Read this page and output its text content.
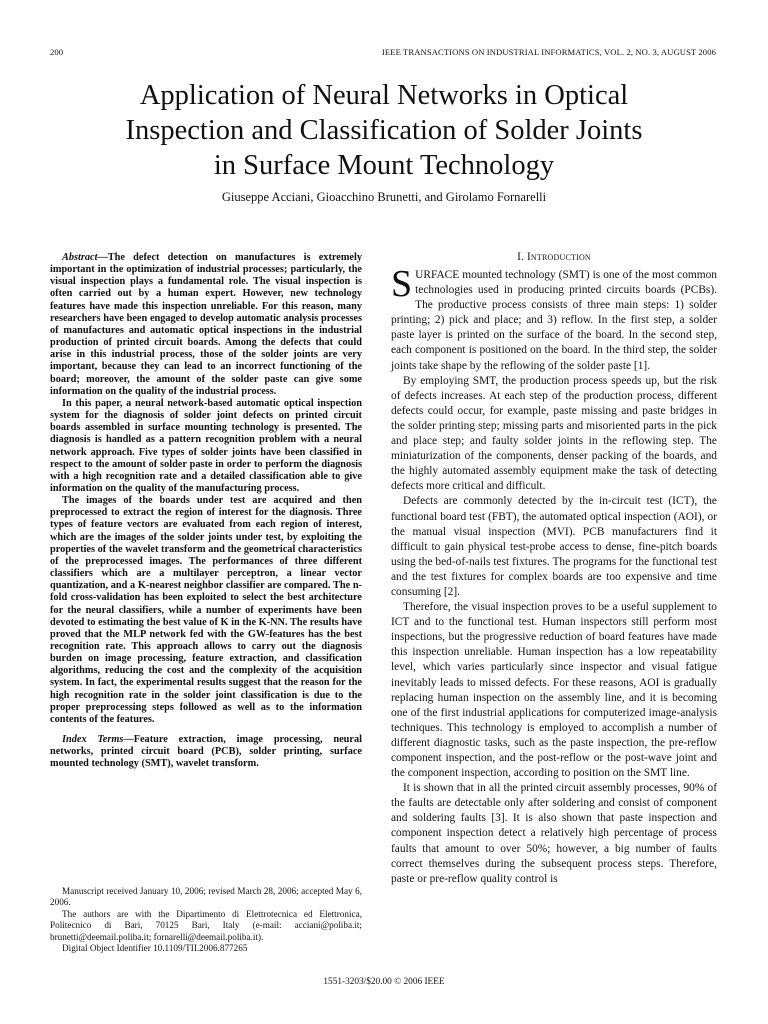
200	IEEE TRANSACTIONS ON INDUSTRIAL INFORMATICS, VOL. 2, NO. 3, AUGUST 2006
Application of Neural Networks in Optical
Inspection and Classification of Solder Joints
in Surface Mount Technology
Giuseppe Acciani, Gioacchino Brunetti, and Girolamo Fornarelli

Abstract—The defect detection on manufactures is extremely important in the optimization of industrial processes; particularly, the visual inspection plays a fundamental role. The visual inspection is often carried out by a human expert. However, new technology features have made this inspection unreliable. For this reason, many researchers have been engaged to develop automatic analysis processes of manufactures and automatic optical inspections in the industrial production of printed circuit boards. Among the defects that could arise in this industrial process, those of the solder joints are very important, because they can lead to an incorrect functioning of the board; moreover, the amount of the solder paste can give some information on the quality of the industrial process.

In this paper, a neural network-based automatic optical inspection system for the diagnosis of solder joint defects on printed circuit boards assembled in surface mounting technology is presented. The diagnosis is handled as a pattern recognition problem with a neural network approach. Five types of solder joints have been classified in respect to the amount of solder paste in order to perform the diagnosis with a high recognition rate and a detailed classification able to give information on the quality of the manufacturing process.

The images of the boards under test are acquired and then preprocessed to extract the region of interest for the diagnosis. Three types of feature vectors are evaluated from each region of interest, which are the images of the solder joints under test, by exploiting the properties of the wavelet transform and the geometrical characteristics of the preprocessed images. The performances of three different classifiers which are a multilayer perceptron, a linear vector quantization, and a K-nearest neighbor classifier are compared. The n-fold cross-validation has been exploited to select the best architecture for the neural classifiers, while a number of experiments have been devoted to estimating the best value of K in the K-NN. The results have proved that the MLP network fed with the GW-features has the best recognition rate. This approach allows to carry out the diagnosis burden on image processing, feature extraction, and classification algorithms, reducing the cost and the complexity of the acquisition system. In fact, the experimental results suggest that the reason for the high recognition rate in the solder joint classification is due to the proper preprocessing steps followed as well as to the information contents of the features.

Index Terms—Feature extraction, image processing, neural networks, printed circuit board (PCB), solder printing, surface mounted technology (SMT), wavelet transform.

Manuscript received January 10, 2006; revised March 28, 2006; accepted May 6, 2006.

The authors are with the Dipartimento di Elettrotecnica ed Elettronica, Politecnico di Bari, 70125 Bari, Italy (e-mail: acciani@poliba.it; brunetti@deemail.poliba.it; fornarelli@deemail.poliba.it).

Digital Object Identifier 10.1109/TII.2006.877265

I. Introduction

SURFACE mounted technology (SMT) is one of the most common technologies used in producing printed circuits boards (PCBs). The productive process consists of three main steps: 1) solder printing; 2) pick and place; and 3) reflow. In the first step, a solder paste layer is printed on the surface of the board. In the second step, each component is positioned on the board. In the third step, the solder joints take shape by the reflowing of the solder paste [1].

By employing SMT, the production process speeds up, but the risk of defects increases. At each step of the production process, different defects could occur, for example, paste missing and paste bridges in the solder printing step; missing parts and misoriented parts in the pick and place step; and faulty solder joints in the reflowing step. The miniaturization of the components, denser packing of the boards, and the highly automated assembly equipment make the task of detecting defects more critical and difficult.

Defects are commonly detected by the in-circuit test (ICT), the functional board test (FBT), the automated optical inspection (AOI), or the manual visual inspection (MVI). PCB manufacturers find it difficult to gain physical test-probe access to dense, fine-pitch boards using the bed-of-nails test fixtures. The programs for the functional test and the test fixtures for complex boards are too expensive and time consuming [2].

Therefore, the visual inspection proves to be a useful supplement to ICT and to the functional test. Human inspectors still perform most inspections, but the progressive reduction of board features have made this inspection unreliable. Human inspection has a low repeatability level, which varies particularly since inspector and visual fatigue inevitably leads to missed defects. For these reasons, AOI is gradually replacing human inspection on the assembly line, and it is becoming one of the first industrial applications for computerized image-analysis techniques. This technology is employed to accomplish a number of different diagnostic tasks, such as the paste inspection, the pre-reflow component inspection, and the post-reflow or the post-wave joint and the component inspection, according to position on the SMT line.

It is shown that in all the printed circuit assembly processes, 90% of the faults are detectable only after soldering and consist of component and soldering faults [3]. It is also shown that paste inspection and component inspection detect a relatively high percentage of process faults that amount to over 50%; however, a big number of faults correct themselves during the subsequent process steps. Therefore, paste or pre-reflow quality control is

1551-3203/$20.00 © 2006 IEEE
